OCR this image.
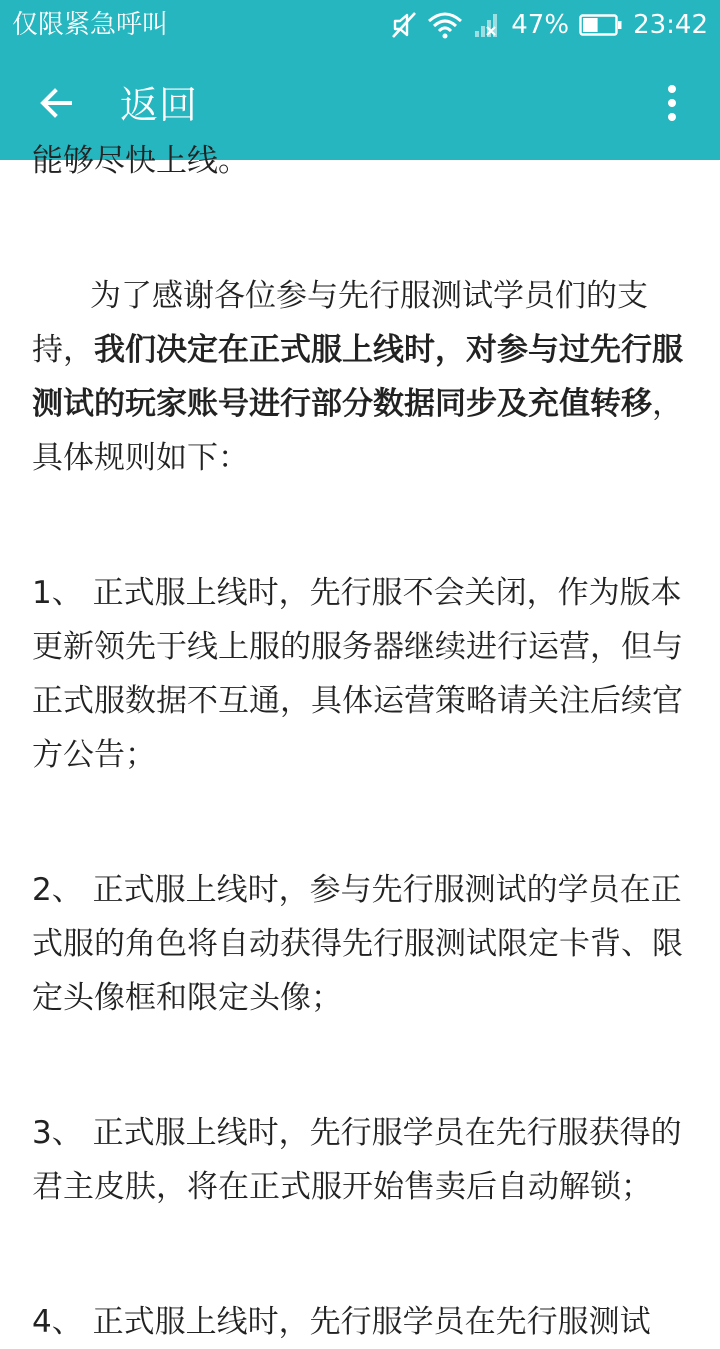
仅限紧急呼叫	47% 23:42
返回

能够尽快上线。

为了感谢各位参与先行服测试学员们的支持，我们决定在正式服上线时，对参与过先行服测试的玩家账号进行部分数据同步及充值转移，具体规则如下：

1、 正式服上线时，先行服不会关闭，作为版本更新领先于线上服的服务器继续进行运营，但与正式服数据不互通，具体运营策略请关注后续官方公告；

2、 正式服上线时，参与先行服测试的学员在正式服的角色将自动获得先行服测试限定卡背、限定头像框和限定头像；

3、 正式服上线时，先行服学员在先行服获得的君主皮肤，将在正式服开始售卖后自动解锁；

4、 正式服上线时，先行服学员在先行服测试
